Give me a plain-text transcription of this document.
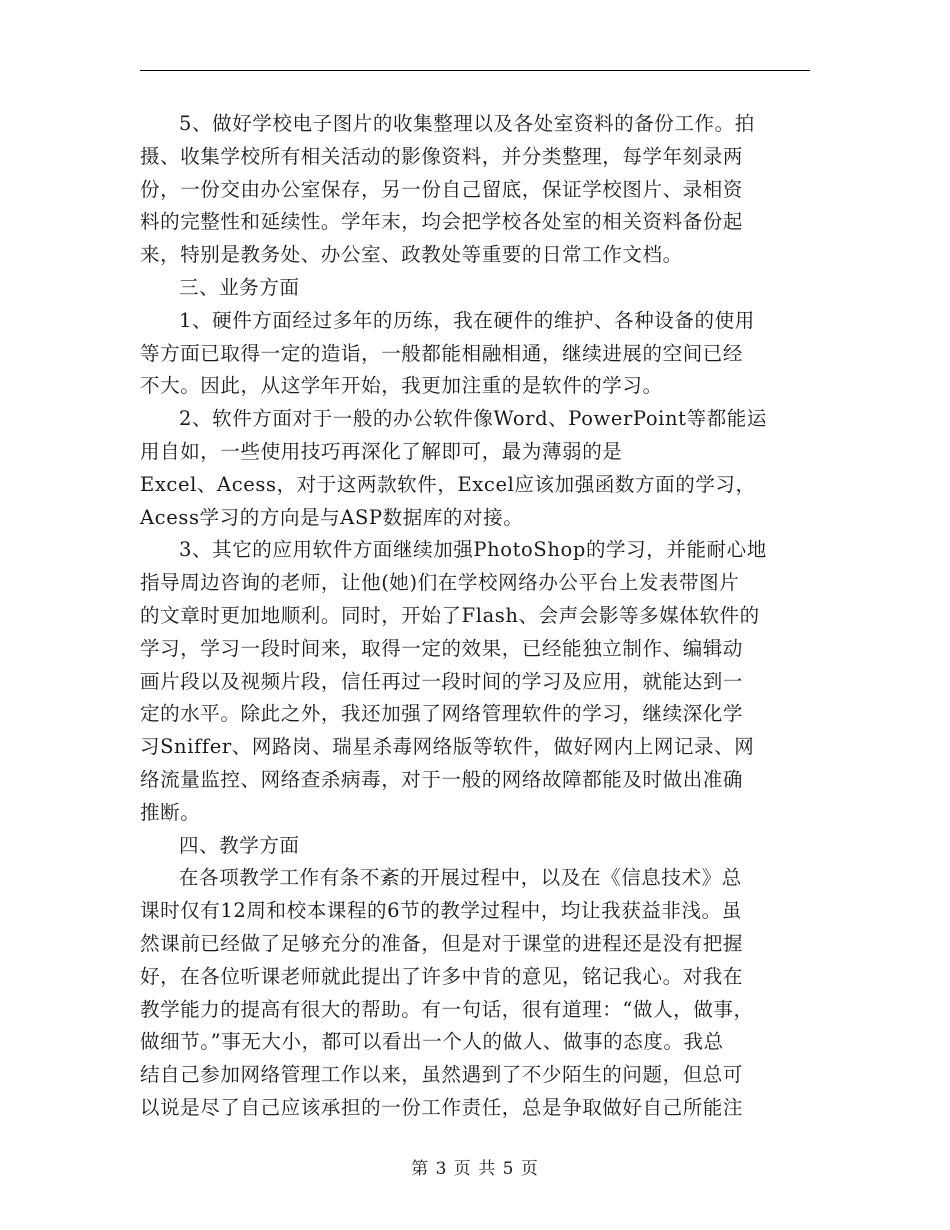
5、做好学校电子图片的收集整理以及各处室资料的备份工作。拍
摄、收集学校所有相关活动的影像资料，并分类整理，每学年刻录两
份，一份交由办公室保存，另一份自己留底，保证学校图片、录相资
料的完整性和延续性。学年末，均会把学校各处室的相关资料备份起
来，特别是教务处、办公室、政教处等重要的日常工作文档。
三、业务方面
1、硬件方面经过多年的历练，我在硬件的维护、各种设备的使用
等方面已取得一定的造诣，一般都能相融相通，继续进展的空间已经
不大。因此，从这学年开始，我更加注重的是软件的学习。
2、软件方面对于一般的办公软件像Word、PowerPoint等都能运
用自如，一些使用技巧再深化了解即可，最为薄弱的是
Excel、Acess，对于这两款软件，Excel应该加强函数方面的学习，
Acess学习的方向是与ASP数据库的对接。
3、其它的应用软件方面继续加强PhotoShop的学习，并能耐心地
指导周边咨询的老师，让他(她)们在学校网络办公平台上发表带图片
的文章时更加地顺利。同时，开始了Flash、会声会影等多媒体软件的
学习，学习一段时间来，取得一定的效果，已经能独立制作、编辑动
画片段以及视频片段，信任再过一段时间的学习及应用，就能达到一
定的水平。除此之外，我还加强了网络管理软件的学习，继续深化学
习Sniffer、网路岗、瑞星杀毒网络版等软件，做好网内上网记录、网
络流量监控、网络查杀病毒，对于一般的网络故障都能及时做出准确
推断。
四、教学方面
在各项教学工作有条不紊的开展过程中，以及在《信息技术》总
课时仅有12周和校本课程的6节的教学过程中，均让我获益非浅。虽
然课前已经做了足够充分的准备，但是对于课堂的进程还是没有把握
好，在各位听课老师就此提出了许多中肯的意见，铭记我心。对我在
教学能力的提高有很大的帮助。有一句话，很有道理：“做人，做事，
做细节。”事无大小，都可以看出一个人的做人、做事的态度。我总
结自己参加网络管理工作以来，虽然遇到了不少陌生的问题，但总可
以说是尽了自己应该承担的一份工作责任，总是争取做好自己所能注
第 3 页 共 5 页
